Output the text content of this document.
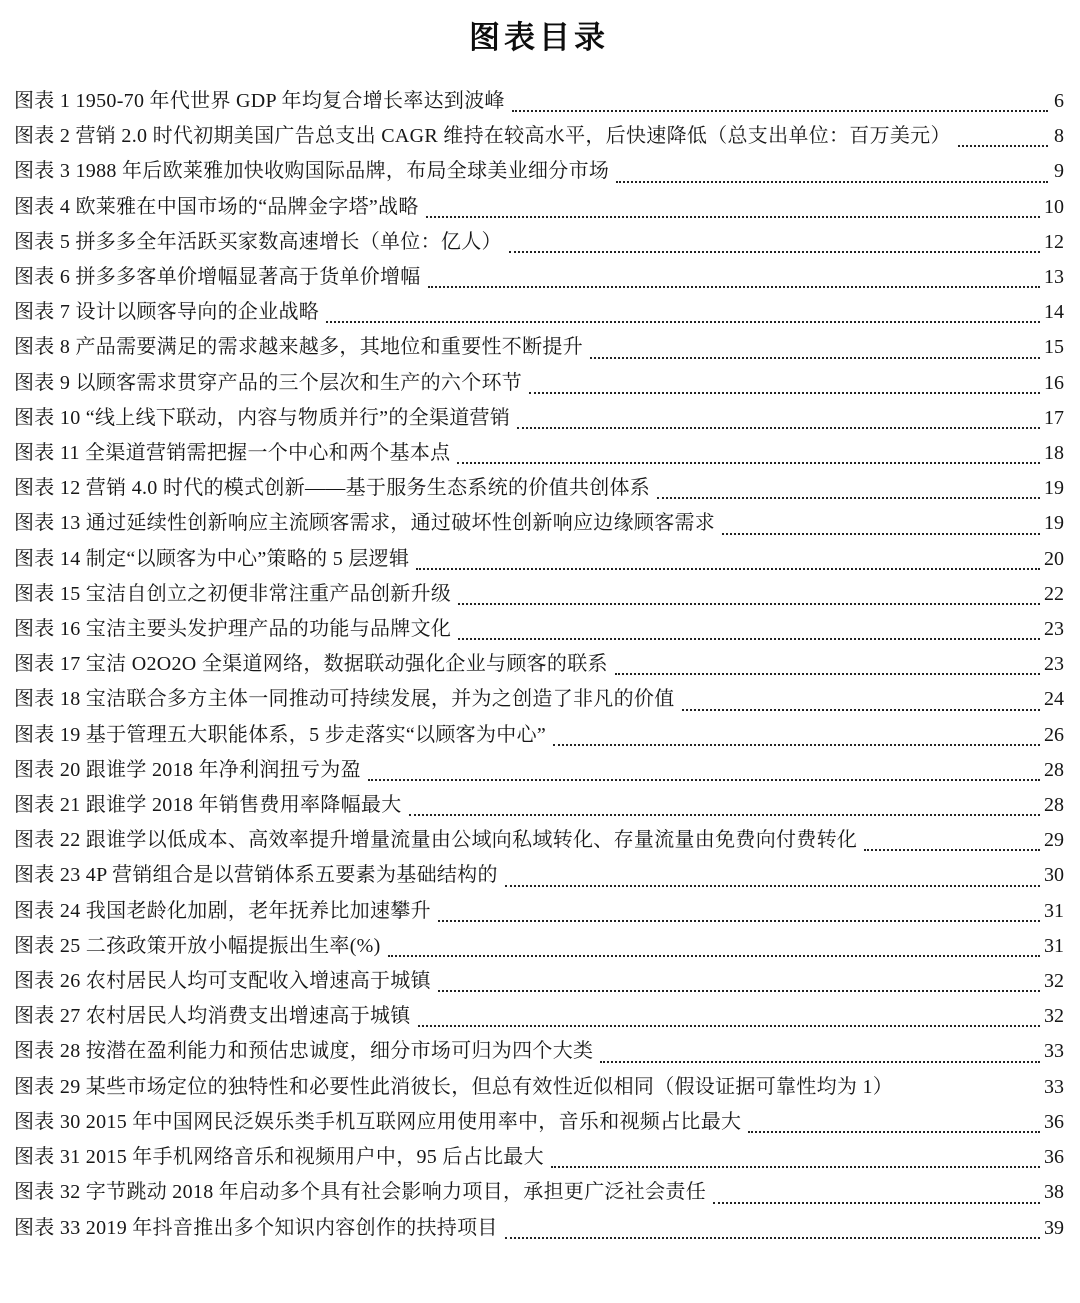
图表目录
图表 1 1950-70 年代世界 GDP 年均复合增长率达到波峰	6
图表 2 营销 2.0 时代初期美国广告总支出 CAGR 维持在较高水平，后快速降低（总支出单位：百万美元）	8
图表 3 1988 年后欧莱雅加快收购国际品牌，布局全球美业细分市场	9
图表 4 欧莱雅在中国市场的“品牌金字塔”战略	10
图表 5 拼多多全年活跃买家数高速增长（单位：亿人）	12
图表 6 拼多多客单价增幅显著高于货单价增幅	13
图表 7 设计以顾客导向的企业战略	14
图表 8 产品需要满足的需求越来越多，其地位和重要性不断提升	15
图表 9 以顾客需求贯穿产品的三个层次和生产的六个环节	16
图表 10 “线上线下联动，内容与物质并行”的全渠道营销	17
图表 11 全渠道营销需把握一个中心和两个基本点	18
图表 12 营销 4.0 时代的模式创新——基于服务生态系统的价值共创体系	19
图表 13 通过延续性创新响应主流顾客需求，通过破坏性创新响应边缘顾客需求	19
图表 14 制定“以顾客为中心”策略的 5 层逻辑	20
图表 15 宝洁自创立之初便非常注重产品创新升级	22
图表 16 宝洁主要头发护理产品的功能与品牌文化	23
图表 17 宝洁 O2O2O 全渠道网络，数据联动强化企业与顾客的联系	23
图表 18 宝洁联合多方主体一同推动可持续发展，并为之创造了非凡的价值	24
图表 19 基于管理五大职能体系，5 步走落实“以顾客为中心”	26
图表 20 跟谁学 2018 年净利润扭亏为盈	28
图表 21 跟谁学 2018 年销售费用率降幅最大	28
图表 22 跟谁学以低成本、高效率提升增量流量由公域向私域转化、存量流量由免费向付费转化	29
图表 23 4P 营销组合是以营销体系五要素为基础结构的	30
图表 24 我国老龄化加剧，老年抚养比加速攀升	31
图表 25 二孩政策开放小幅提振出生率(%)	31
图表 26 农村居民人均可支配收入增速高于城镇	32
图表 27 农村居民人均消费支出增速高于城镇	32
图表 28 按潜在盈利能力和预估忠诚度，细分市场可归为四个大类	33
图表 29 某些市场定位的独特性和必要性此消彼长，但总有效性近似相同（假设证据可靠性均为 1）	33
图表 30 2015 年中国网民泛娱乐类手机互联网应用使用率中，音乐和视频占比最大	36
图表 31 2015 年手机网络音乐和视频用户中，95 后占比最大	36
图表 32 字节跳动 2018 年启动多个具有社会影响力项目，承担更广泛社会责任	38
图表 33 2019 年抖音推出多个知识内容创作的扶持项目	39
